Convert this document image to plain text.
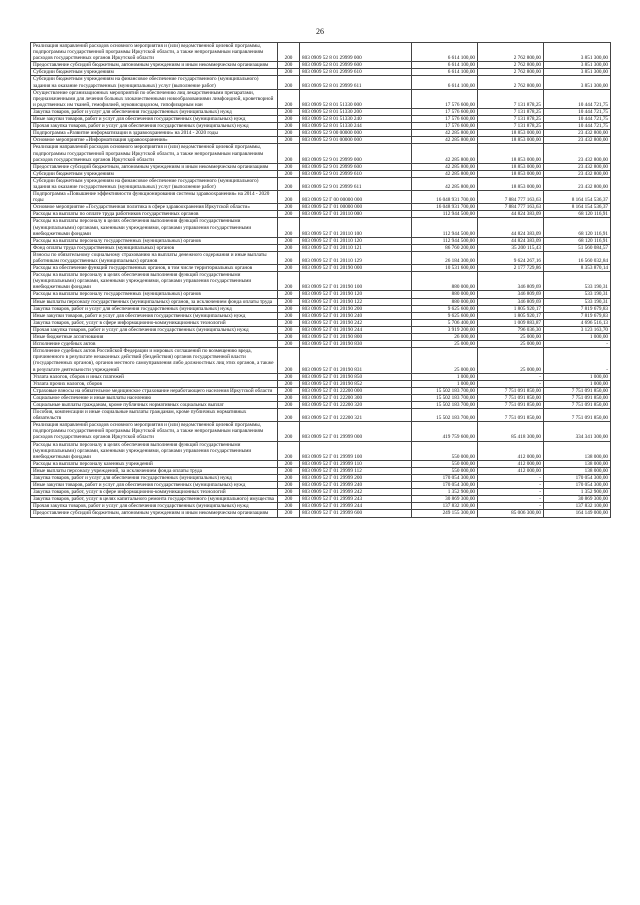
26
Реализация направлений расходов основного мероприятия и (или) ведомственной целевой программы, подпрограммы государственной программы Иркутской области, а также непрограммным направлениям расходов государственных органов Иркутской области	200	803 0909 52 8 01 29999 000	6 614 100,00	2 762 800,00	3 851 300,00
Предоставление субсидий бюджетным, автономным учреждениям и иным некоммерческим организациям	200	803 0909 52 8 01 29999 600	6 614 100,00	2 762 800,00	3 851 300,00
Субсидии бюджетным учреждениям	200	803 0909 52 8 01 29999 610	6 614 100,00	2 762 800,00	3 851 300,00
Субсидии бюджетным учреждениям на финансовое обеспечение государственного (муниципального) задания на оказание государственных (муниципальных) услуг (выполнение работ)	200	803 0909 52 8 01 29999 611	6 614 100,00	2 762 800,00	3 851 300,00
Осуществление организационных мероприятий по обеспечению лиц лекарственными препаратами, предназначенными для лечения больных злокачественными новообразованиями лимфоидной, кроветворной и родственных им тканей, гемофилией, муковисцидозом, гипофизарным нан	200	803 0909 52 8 01 51330 000	17 576 600,00	7 131 878,25	10 444 721,75
Закупка товаров, работ и услуг для обеспечения государственных (муниципальных) нужд	200	803 0909 52 8 01 51330 200	17 576 600,00	7 131 878,25	10 444 721,75
Иные закупки товаров, работ и услуг для обеспечения государственных (муниципальных) нужд	200	803 0909 52 8 01 51330 240	17 576 600,00	7 131 878,25	10 444 721,75
Прочая закупка товаров, работ и услуг для обеспечения государственных (муниципальных) нужд	200	803 0909 52 8 01 51330 244	17 576 600,00	7 131 878,25	10 444 721,75
Подпрограмма «Развитие информатизации в здравоохранении» на 2014 - 2020 годы	200	803 0909 52 9 00 00000 000	42 285 800,00	18 853 000,00	23 432 800,00
Основное мероприятие «Информатизация здравоохранения»	200	803 0909 52 9 01 00000 000	42 285 800,00	18 853 000,00	23 432 800,00
Реализация направлений расходов основного мероприятия и (или) ведомственной целевой программы, подпрограммы государственной программы Иркутской области, а также непрограммным направлениям расходов государственных органов Иркутской области	200	803 0909 52 9 01 29999 000	42 285 800,00	18 853 000,00	23 432 800,00
Предоставление субсидий бюджетным, автономным учреждениям и иным некоммерческим организациям	200	803 0909 52 9 01 29999 600	42 285 800,00	18 853 000,00	23 432 800,00
Субсидии бюджетным учреждениям	200	803 0909 52 9 01 29999 610	42 285 800,00	18 853 000,00	23 432 800,00
Субсидии бюджетным учреждениям на финансовое обеспечение государственного (муниципального) задания на оказание государственных (муниципальных) услуг (выполнение работ)	200	803 0909 52 9 01 29999 611	42 285 800,00	18 853 000,00	23 432 800,00
Подпрограмма «Повышение эффективности функционирования системы здравоохранения» на 2014 - 2020 годы	200	803 0909 52 Г 00 00000 000	16 048 931 700,00	7 884 777 163,63	8 164 154 536,37
Основное мероприятие «Государственная политика в сфере здравоохранения Иркутской области»	200	803 0909 52 Г 01 00000 000	16 048 931 700,00	7 884 777 163,63	8 164 154 536,37
Расходы на выплаты по оплате труда работников государственных органов	200	803 0909 52 Г 01 20110 000	112 944 500,00	44 824 383,09	68 120 116,91
Расходы на выплаты персоналу в целях обеспечения выполнения функций государственными (муниципальными) органами, казенными учреждениями, органами управления государственными внебюджетными фондами	200	803 0909 52 Г 01 20110 100	112 944 500,00	44 824 383,09	68 120 116,91
Расходы на выплаты персоналу государственных (муниципальных) органов	200	803 0909 52 Г 01 20110 120	112 944 500,00	44 824 383,09	68 120 116,91
Фонд оплаты труда государственных (муниципальных) органов	200	803 0909 52 Г 01 20110 121	86 760 200,00	35 200 115,43	51 560 084,57
Взносы по обязательному социальному страхованию на выплаты денежного содержания и иные выплаты работникам государственных (муниципальных) органов	200	803 0909 52 Г 01 20110 129	26 184 300,00	9 624 267,16	16 560 032,84
Расходы на обеспечение функций государственных органов, в том числе территориальных органов	200	803 0909 52 Г 01 20190 000	10 531 600,00	2 177 729,86	8 353 870,14
Расходы на выплаты персоналу в целях обеспечения выполнения функций государственными (муниципальными) органами, казенными учреждениями, органами управления государственными внебюджетными фондами	200	803 0909 52 Г 01 20190 100	880 000,00	346 809,69	533 190,31
Расходы на выплаты персоналу государственных (муниципальных) органов	200	803 0909 52 Г 01 20190 120	880 000,00	346 809,69	533 190,31
Иные выплаты персоналу государственных (муниципальных) органов, за исключением фонда оплаты труда	200	803 0909 52 Г 01 20190 122	880 000,00	346 809,69	533 190,31
Закупка товаров, работ и услуг для обеспечения государственных (муниципальных) нужд	200	803 0909 52 Г 01 20190 200	9 625 600,00	1 805 920,17	7 819 679,83
Иные закупки товаров, работ и услуг для обеспечения государственных (муниципальных) нужд	200	803 0909 52 Г 01 20190 240	9 625 600,00	1 805 920,17	7 819 679,83
Закупка товаров, работ, услуг в сфере информационно-коммуникационных технологий	200	803 0909 52 Г 01 20190 242	5 706 400,00	1 009 883,87	4 696 516,13
Прочая закупка товаров, работ и услуг для обеспечения государственных (муниципальных) нужд	200	803 0909 52 Г 01 20190 244	3 919 200,00	796 036,30	3 123 163,70
Иные бюджетные ассигнования	200	803 0909 52 Г 01 20190 800	26 000,00	25 000,00	1 000,00
Исполнение судебных актов	200	803 0909 52 Г 01 20190 830	25 000,00	25 000,00	-
Исполнение судебных актов Российской Федерации и мировых соглашений по возмещению вреда, причиненного в результате незаконных действий (бездействия) органов государственной власти (государственных органов), органов местного самоуправления либо должностных лиц этих органов, а также в результате деятельности учреждений	200	803 0909 52 Г 01 20190 831	25 000,00	25 000,00	-
Уплата налогов, сборов и иных платежей	200	803 0909 52 Г 01 20190 850	1 000,00	-	1 000,00
Уплата прочих налогов, сборов	200	803 0909 52 Г 01 20190 852	1 000,00	-	1 000,00
Страховые взносы на обязательное медицинское страхование неработающего населения Иркутской области	200	803 0909 52 Г 01 22200 000	15 502 183 700,00	7 751 091 850,00	7 751 091 850,00
Социальное обеспечение и иные выплаты населению	200	803 0909 52 Г 01 22200 300	15 502 183 700,00	7 751 091 850,00	7 751 091 850,00
Социальные выплаты гражданам, кроме публичных нормативных социальных выплат	200	803 0909 52 Г 01 22200 320	15 502 183 700,00	7 751 091 850,00	7 751 091 850,00
Пособия, компенсации и иные социальные выплаты гражданам, кроме публичных нормативных обязательств	200	803 0909 52 Г 01 22200 321	15 502 183 700,00	7 751 091 850,00	7 751 091 850,00
Реализация направлений расходов основного мероприятия и (или) ведомственной целевой программы, подпрограммы государственной программы Иркутской области, а также непрограммным направлениям расходов государственных органов Иркутской области	200	803 0909 52 Г 01 29999 000	419 759 600,00	85 418 300,00	334 341 300,00
Расходы на выплаты персоналу в целях обеспечения выполнения функций государственными (муниципальными) органами, казенными учреждениями, органами управления государственными внебюджетными фондами	200	803 0909 52 Г 01 29999 100	550 000,00	412 000,00	138 000,00
Расходы на выплаты персоналу казенных учреждений	200	803 0909 52 Г 01 29999 110	550 000,00	412 000,00	138 000,00
Иные выплаты персоналу учреждений, за исключением фонда оплаты труда	200	803 0909 52 Г 01 29999 112	550 000,00	412 000,00	138 000,00
Закупка товаров, работ и услуг для обеспечения государственных (муниципальных) нужд	200	803 0909 52 Г 01 29999 200	170 054 300,00	-	170 054 300,00
Иные закупки товаров, работ и услуг для обеспечения государственных (муниципальных) нужд	200	803 0909 52 Г 01 29999 240	170 054 300,00	-	170 054 300,00
Закупка товаров, работ, услуг в сфере информационно-коммуникационных технологий	200	803 0909 52 Г 01 29999 242	1 352 900,00	-	1 352 900,00
Закупка товаров, работ, услуг в целях капитального ремонта государственного (муниципального) имущества	200	803 0909 52 Г 01 29999 243	30 869 300,00	-	30 869 300,00
Прочая закупка товаров, работ и услуг для обеспечения государственных (муниципальных) нужд	200	803 0909 52 Г 01 29999 244	137 832 100,00	-	137 832 100,00
Предоставление субсидий бюджетным, автономным учреждениям и иным некоммерческим организациям	200	803 0909 52 Г 01 29999 600	249 155 300,00	85 006 300,00	164 149 000,00
